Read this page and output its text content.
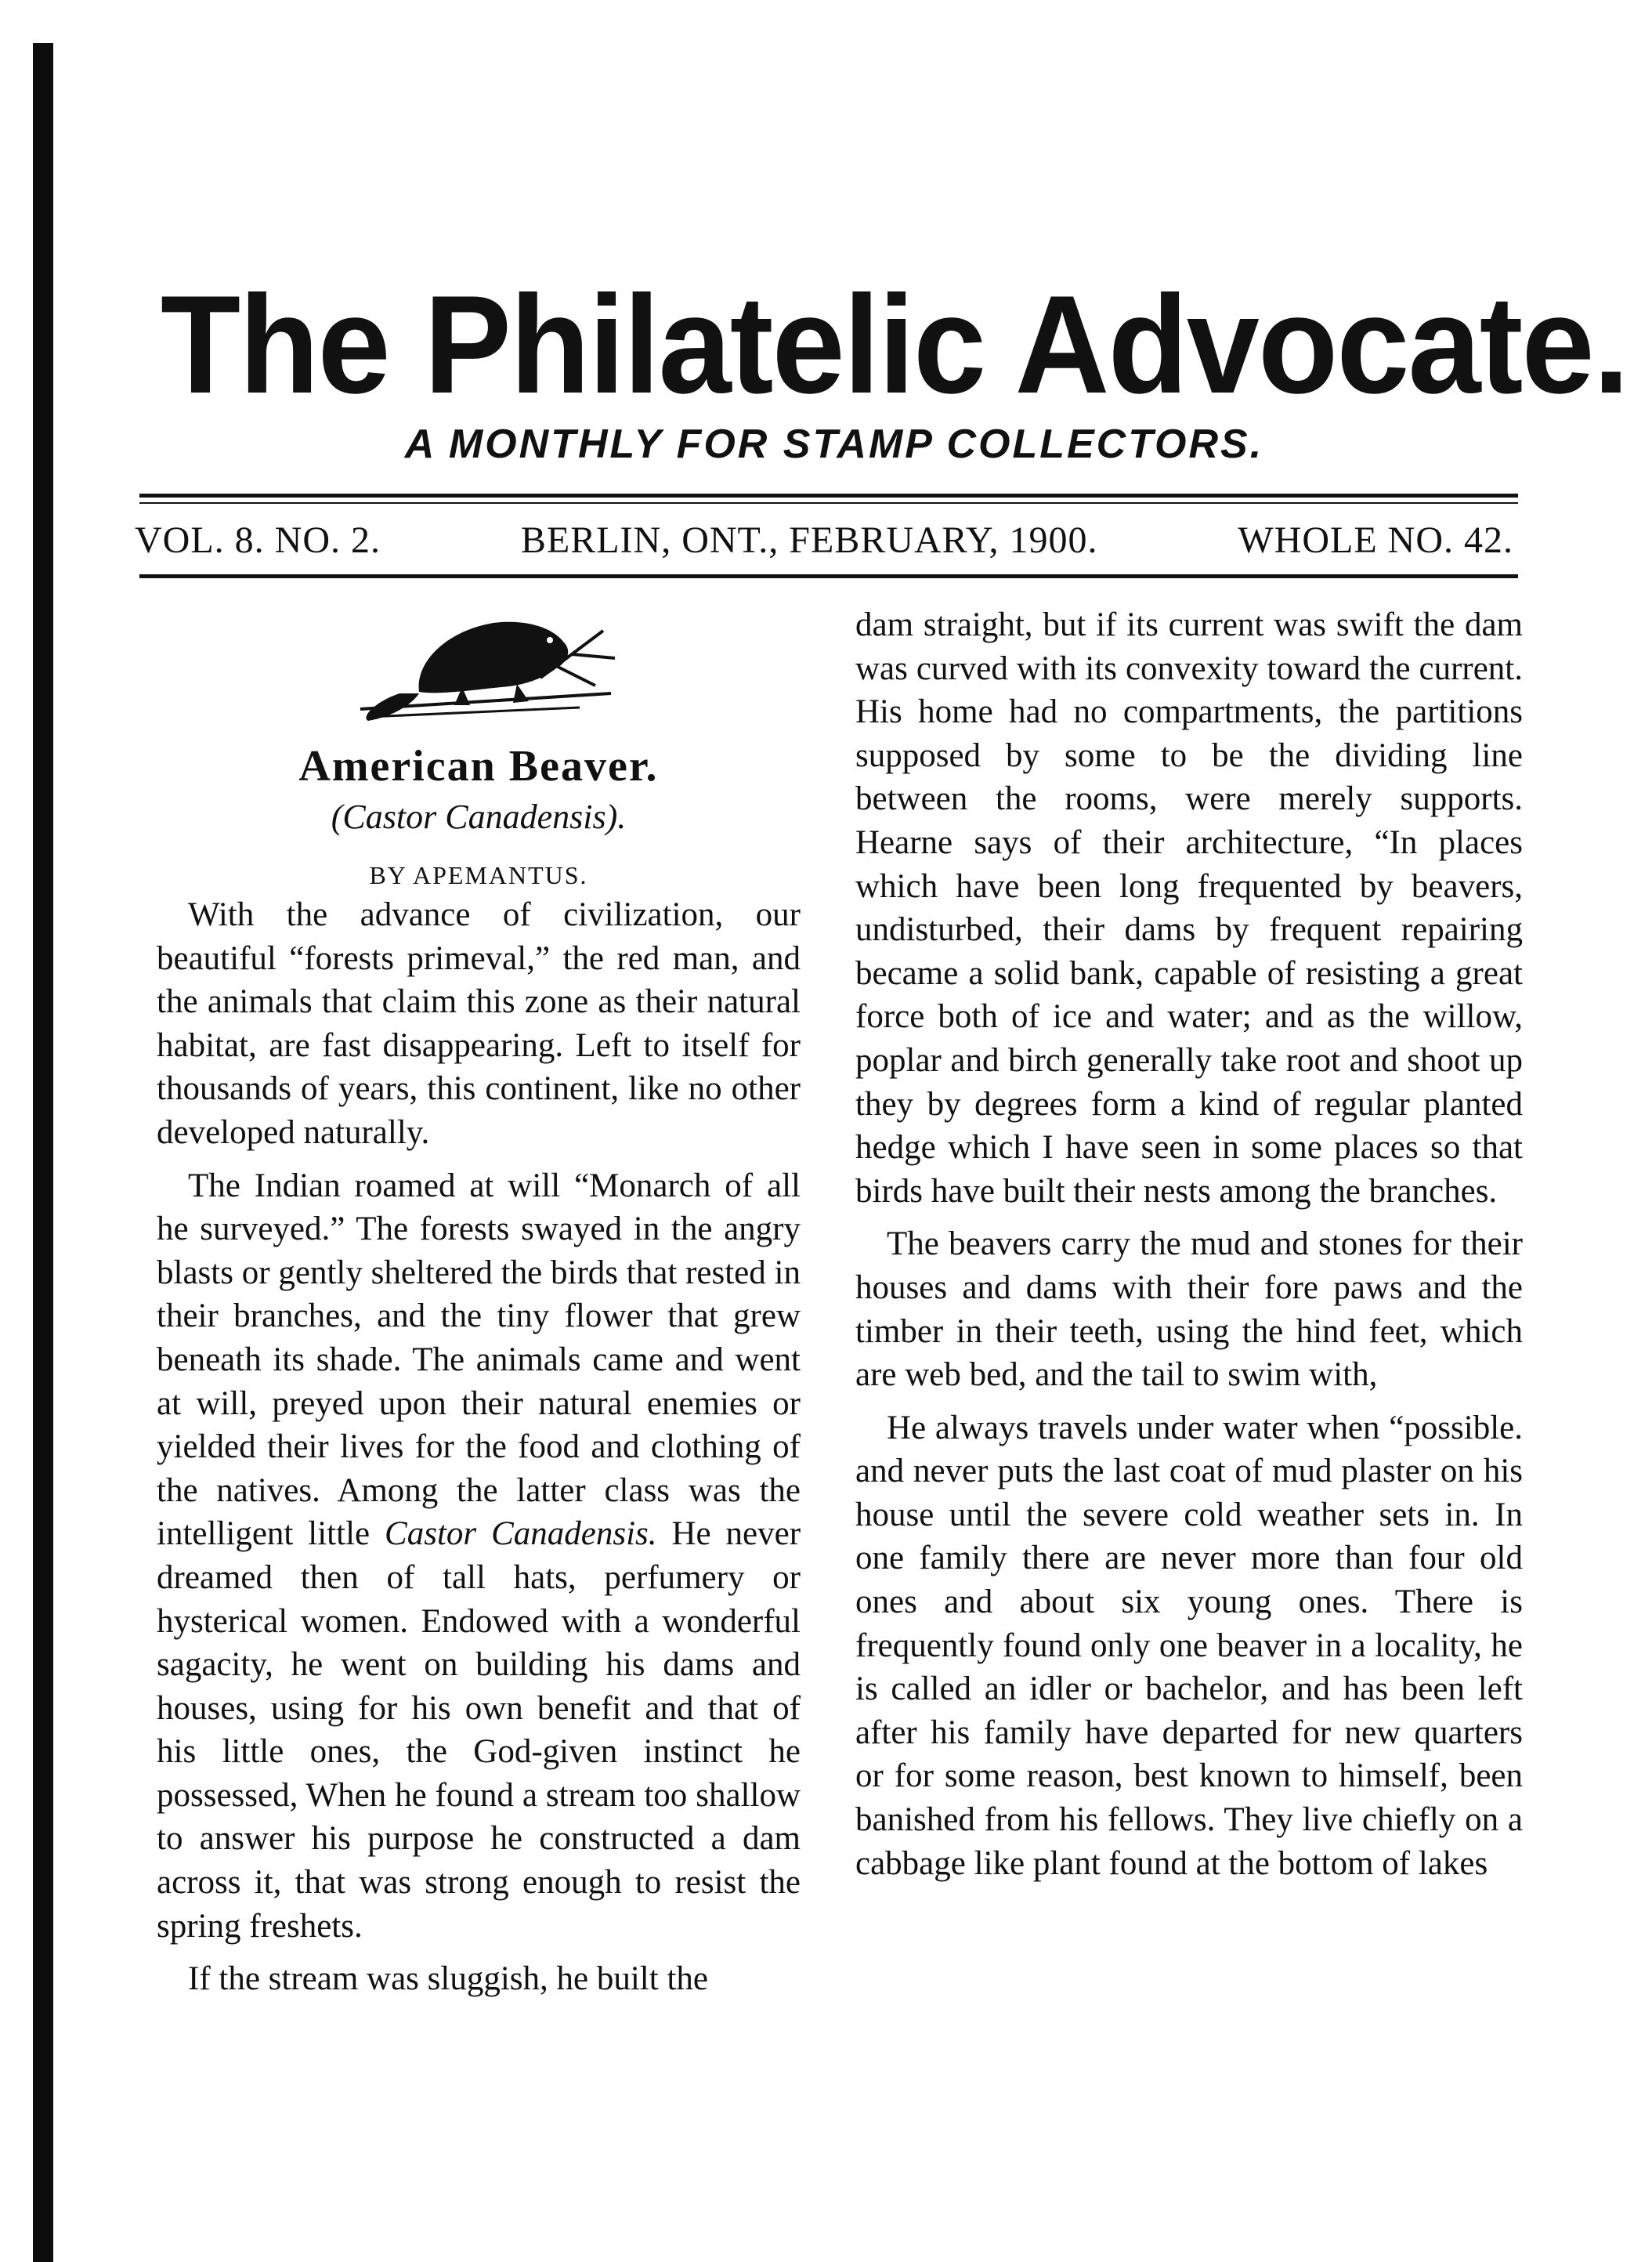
The Philatelic Advocate.
A MONTHLY FOR STAMP COLLECTORS.
VOL. 8. NO. 2.	BERLIN, ONT., FEBRUARY, 1900.	WHOLE NO. 42.
American Beaver.
(Castor Canadensis).
BY APEMANTUS.

With the advance of civilization, our beautiful “forests primeval,” the red man, and the animals that claim this zone as their natural habitat, are fast disappearing. Left to itself for thousands of years, this continent, like no other developed naturally.

The Indian roamed at will “Monarch of all he surveyed.” The forests swayed in the angry blasts or gently sheltered the birds that rested in their branches, and the tiny flower that grew beneath its shade. The animals came and went at will, preyed upon their natural enemies or yielded their lives for the food and clothing of the natives. Among the latter class was the intelligent little Castor Canadensis. He never dreamed then of tall hats, perfumery or hysterical women. Endowed with a wonderful sagacity, he went on building his dams and houses, using for his own benefit and that of his little ones, the God-given instinct he possessed, When he found a stream too shallow to answer his purpose he constructed a dam across it, that was strong enough to resist the spring freshets.

If the stream was sluggish, he built the

dam straight, but if its current was swift the dam was curved with its convexity toward the current. His home had no compartments, the partitions supposed by some to be the dividing line between the rooms, were merely supports. Hearne says of their architecture, “In places which have been long frequented by beavers, undisturbed, their dams by frequent repairing became a solid bank, capable of resisting a great force both of ice and water; and as the willow, poplar and birch generally take root and shoot up they by degrees form a kind of regular planted hedge which I have seen in some places so that birds have built their nests among the branches.

The beavers carry the mud and stones for their houses and dams with their fore paws and the timber in their teeth, using the hind feet, which are web bed, and the tail to swim with,

He always travels under water when “possible. and never puts the last coat of mud plaster on his house until the severe cold weather sets in. In one family there are never more than four old ones and about six young ones. There is frequently found only one beaver in a locality, he is called an idler or bachelor, and has been left after his family have departed for new quarters or for some reason, best known to himself, been banished from his fellows. They live chiefly on a cabbage like plant found at the bottom of lakes
